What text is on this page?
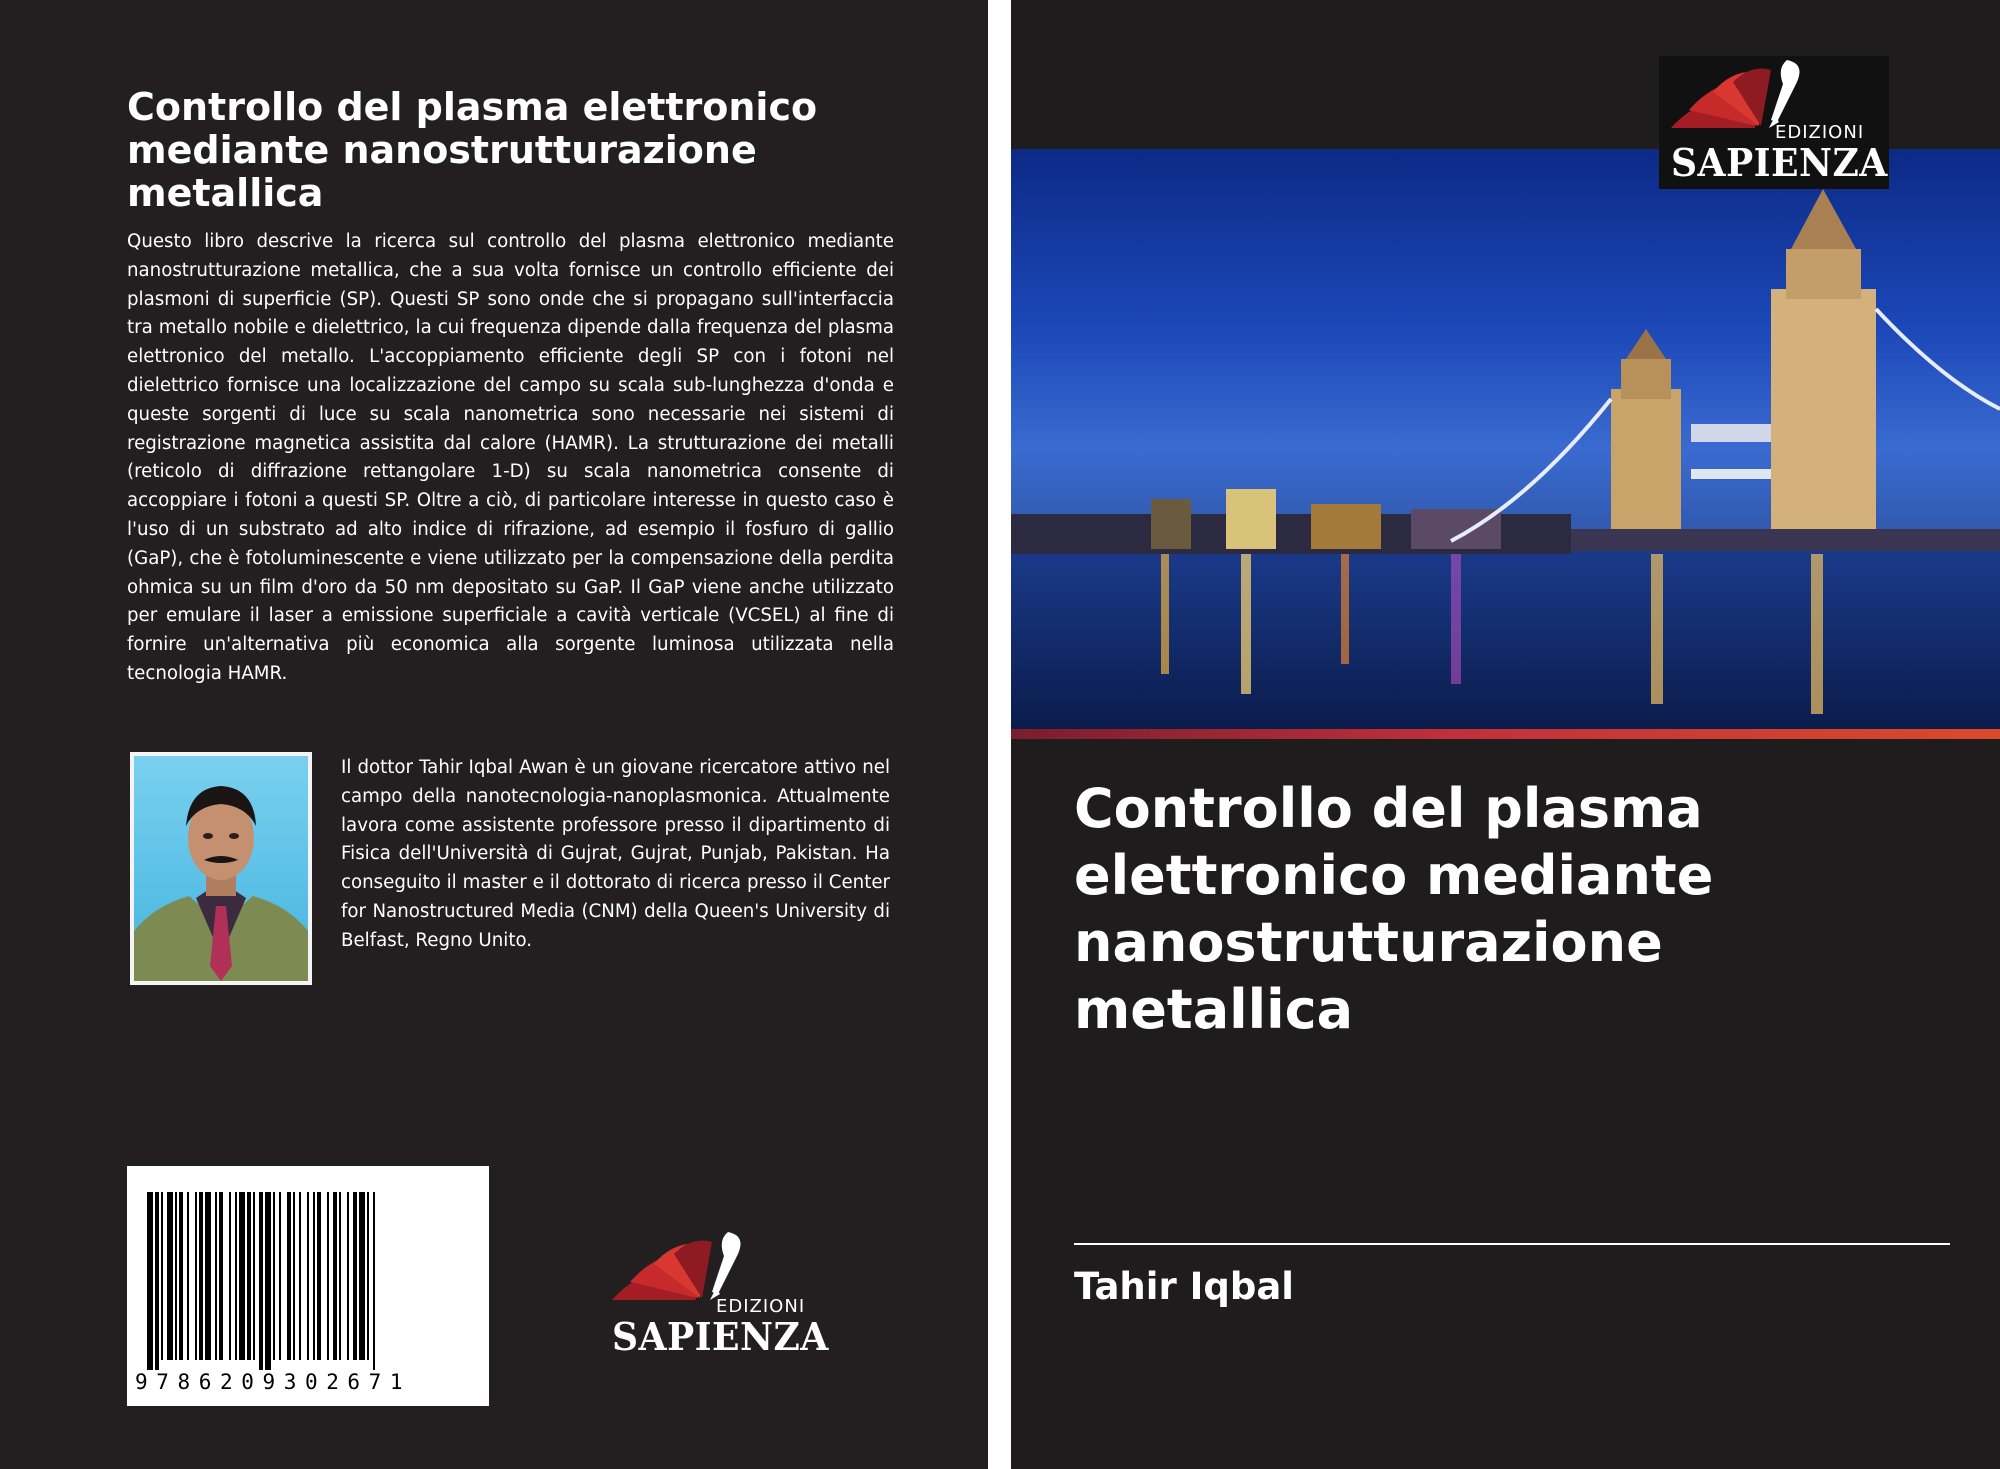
Controllo del plasma elettronico mediante nanostrutturazione metallica

Questo libro descrive la ricerca sul controllo del plasma elettronico mediante nanostrutturazione metallica, che a sua volta fornisce un controllo efficiente dei plasmoni di superficie (SP). Questi SP sono onde che si propagano sull'interfaccia tra metallo nobile e dielettrico, la cui frequenza dipende dalla frequenza del plasma elettronico del metallo. L'accoppiamento efficiente degli SP con i fotoni nel dielettrico fornisce una localizzazione del campo su scala sub-lunghezza d'onda e queste sorgenti di luce su scala nanometrica sono necessarie nei sistemi di registrazione magnetica assistita dal calore (HAMR). La strutturazione dei metalli (reticolo di diffrazione rettangolare 1-D) su scala nanometrica consente di accoppiare i fotoni a questi SP. Oltre a ciò, di particolare interesse in questo caso è l'uso di un substrato ad alto indice di rifrazione, ad esempio il fosfuro di gallio (GaP), che è fotoluminescente e viene utilizzato per la compensazione della perdita ohmica su un film d'oro da 50 nm depositato su GaP. Il GaP viene anche utilizzato per emulare il laser a emissione superficiale a cavità verticale (VCSEL) al fine di fornire un'alternativa più economica alla sorgente luminosa utilizzata nella tecnologia HAMR.

Il dottor Tahir Iqbal Awan è un giovane ricercatore attivo nel campo della nanotecnologia-nanoplasmonica. Attualmente lavora come assistente professore presso il dipartimento di Fisica dell'Università di Gujrat, Gujrat, Punjab, Pakistan. Ha conseguito il master e il dottorato di ricerca presso il Center for Nanostructured Media (CNM) della Queen's University di Belfast, Regno Unito.

9786209302671
EDIZIONI
SAPIENZA
EDIZIONI
SAPIENZA
Controllo del plasma elettronico mediante nanostrutturazione metallica

Tahir Iqbal
